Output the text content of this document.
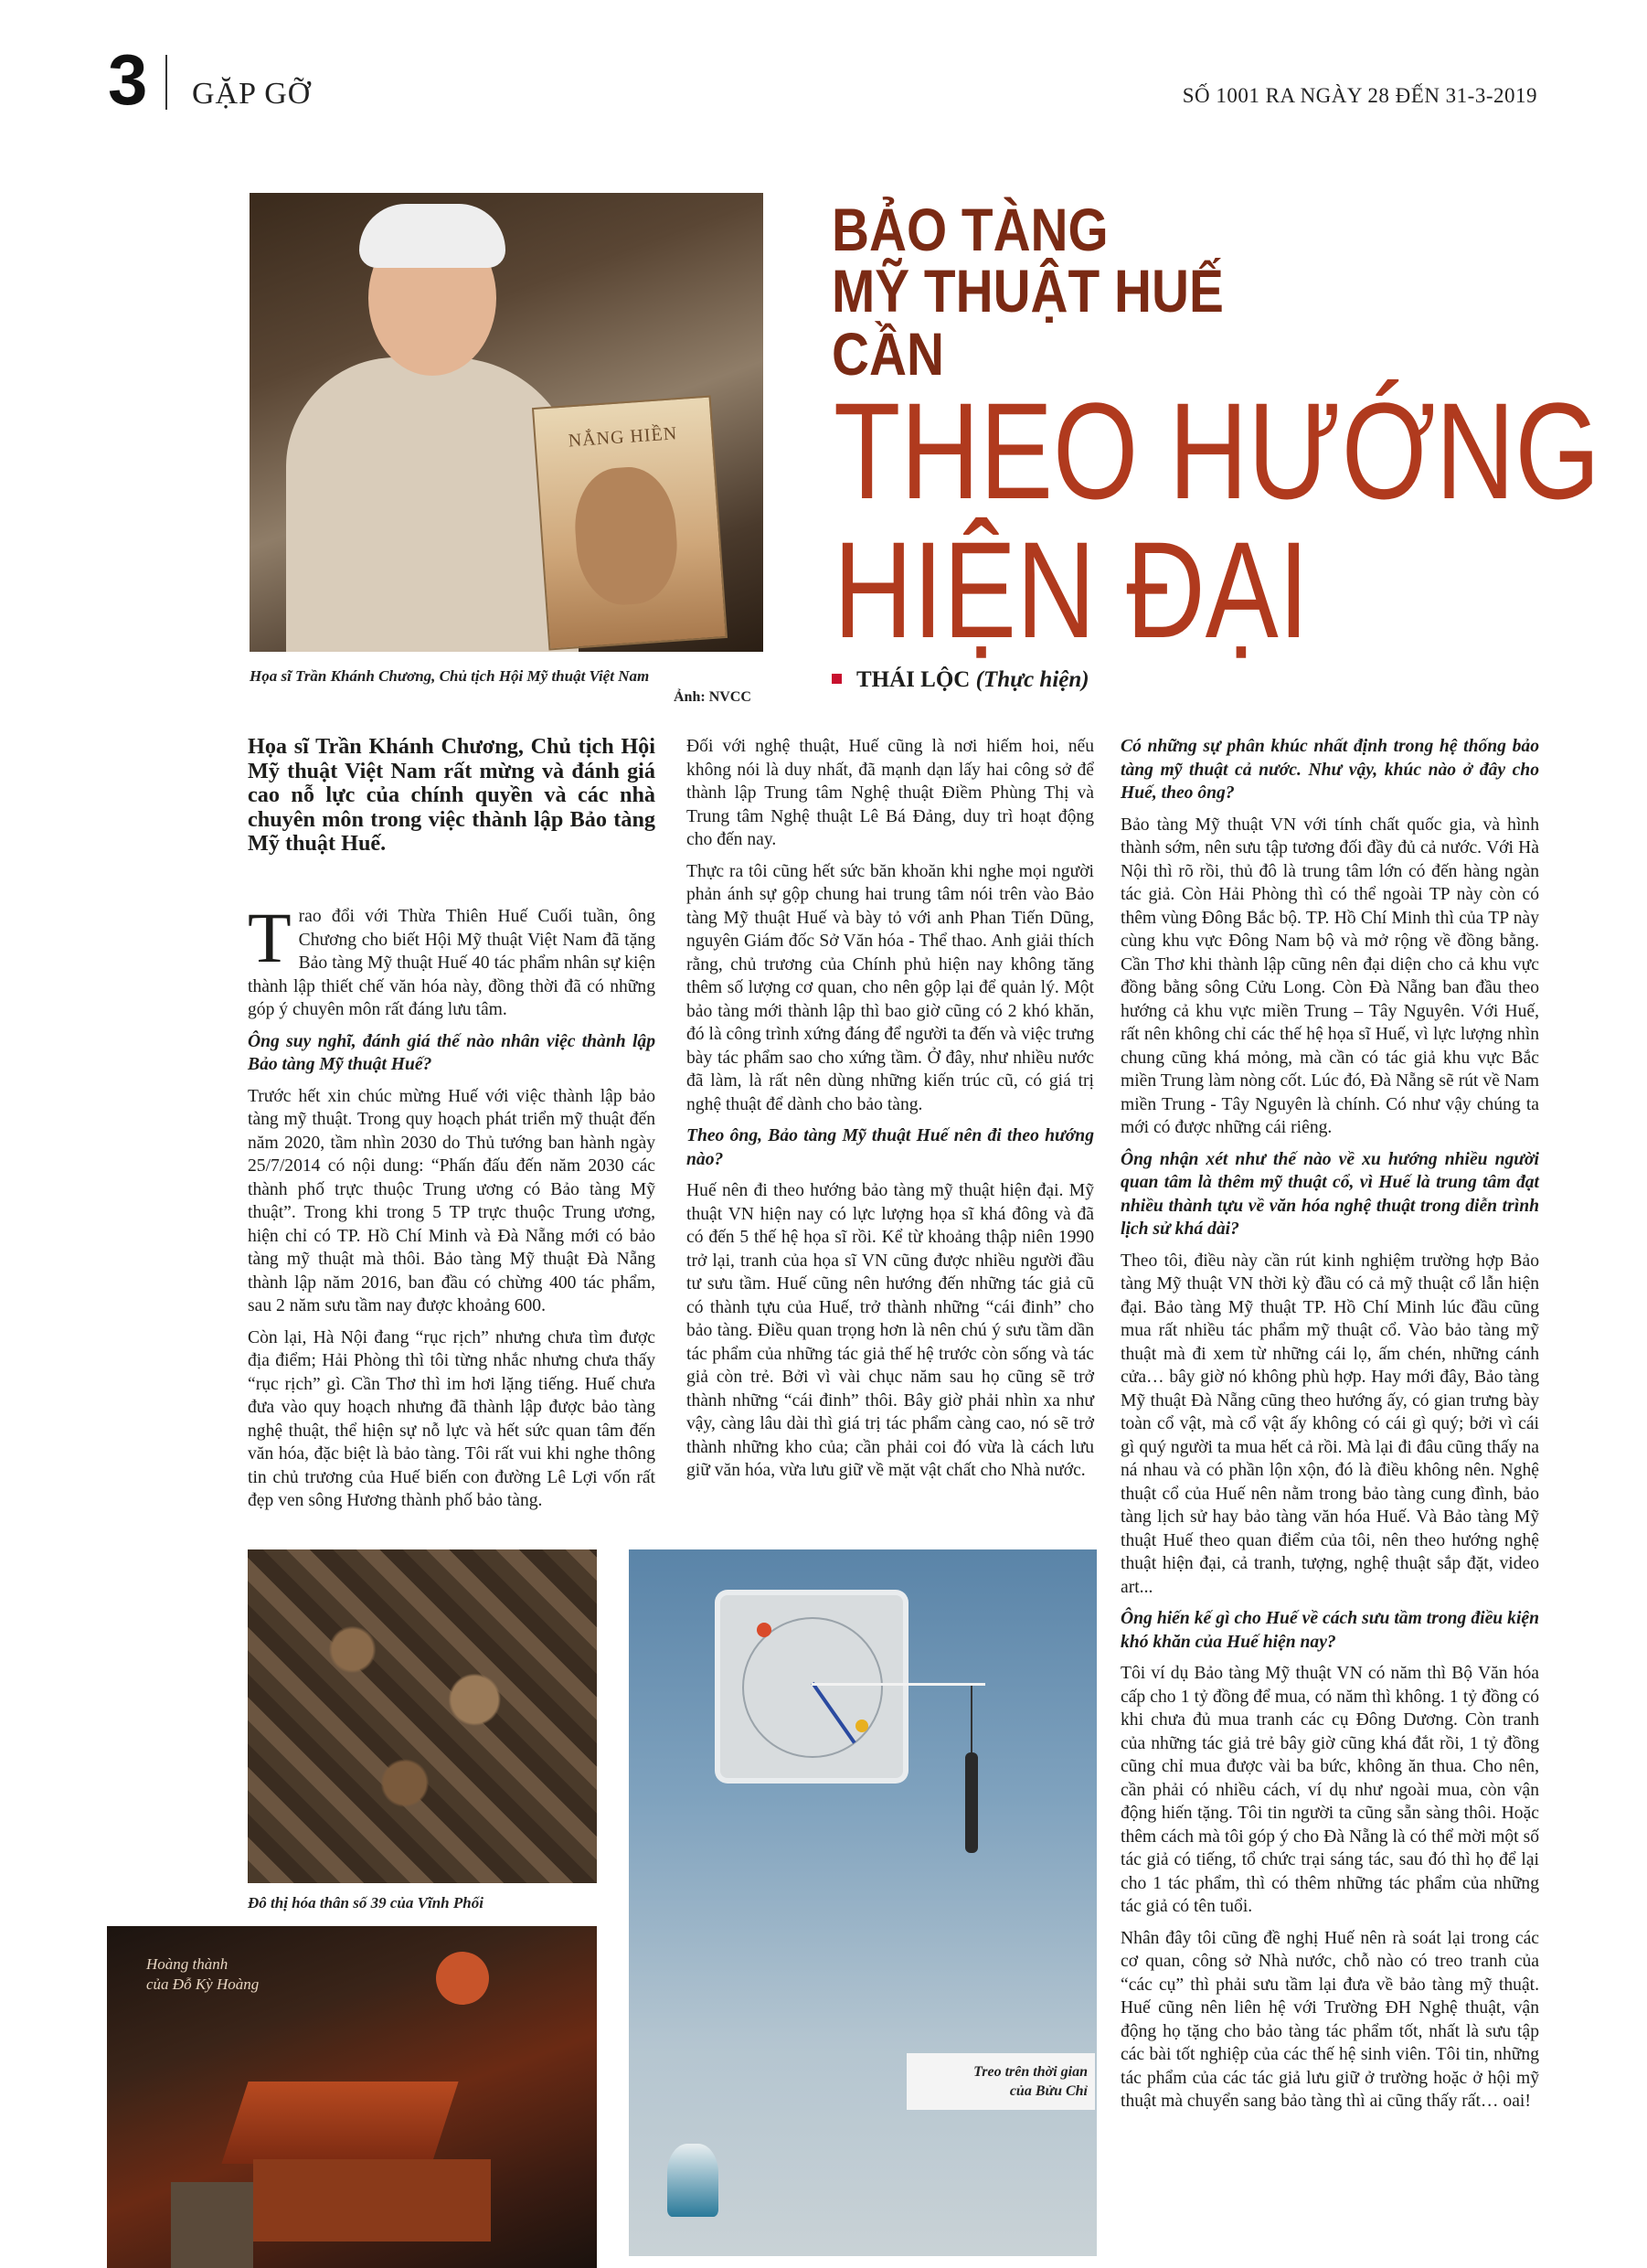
3 GẶP GỠ	SỐ 1001 RA NGÀY 28 ĐẾN 31-3-2019
NẮNG HIỀN
Họa sĩ Trần Khánh Chương, Chủ tịch Hội Mỹ thuật Việt Nam
Ảnh: NVCC
BẢO TÀNG
MỸ THUẬT HUẾ
CẦN
THEO HƯỚNG
HIỆN ĐẠI
THÁI LỘC (Thực hiện)
Họa sĩ Trần Khánh Chương, Chủ tịch Hội Mỹ thuật Việt Nam rất mừng và đánh giá cao nỗ lực của chính quyền và các nhà chuyên môn trong việc thành lập Bảo tàng Mỹ thuật Huế.

Trao đổi với Thừa Thiên Huế Cuối tuần, ông Chương cho biết Hội Mỹ thuật Việt Nam đã tặng Bảo tàng Mỹ thuật Huế 40 tác phẩm nhân sự kiện thành lập thiết chế văn hóa này, đồng thời đã có những góp ý chuyên môn rất đáng lưu tâm.

Ông suy nghĩ, đánh giá thế nào nhân việc thành lập Bảo tàng Mỹ thuật Huế?

Trước hết xin chúc mừng Huế với việc thành lập bảo tàng mỹ thuật. Trong quy hoạch phát triển mỹ thuật đến năm 2020, tầm nhìn 2030 do Thủ tướng ban hành ngày 25/7/2014 có nội dung: “Phấn đấu đến năm 2030 các thành phố trực thuộc Trung ương có Bảo tàng Mỹ thuật”. Trong khi trong 5 TP trực thuộc Trung ương, hiện chỉ có TP. Hồ Chí Minh và Đà Nẵng mới có bảo tàng mỹ thuật mà thôi. Bảo tàng Mỹ thuật Đà Nẵng thành lập năm 2016, ban đầu có chừng 400 tác phẩm, sau 2 năm sưu tầm nay được khoảng 600.

Còn lại, Hà Nội đang “rục rịch” nhưng chưa tìm được địa điểm; Hải Phòng thì tôi từng nhắc nhưng chưa thấy “rục rịch” gì. Cần Thơ thì im hơi lặng tiếng. Huế chưa đưa vào quy hoạch nhưng đã thành lập được bảo tàng nghệ thuật, thể hiện sự nỗ lực và hết sức quan tâm đến văn hóa, đặc biệt là bảo tàng. Tôi rất vui khi nghe thông tin chủ trương của Huế biến con đường Lê Lợi vốn rất đẹp ven sông Hương thành phố bảo tàng.

Đối với nghệ thuật, Huế cũng là nơi hiếm hoi, nếu không nói là duy nhất, đã mạnh dạn lấy hai công sở để thành lập Trung tâm Nghệ thuật Điềm Phùng Thị và Trung tâm Nghệ thuật Lê Bá Đảng, duy trì hoạt động cho đến nay.

Thực ra tôi cũng hết sức băn khoăn khi nghe mọi người phản ánh sự gộp chung hai trung tâm nói trên vào Bảo tàng Mỹ thuật Huế và bày tỏ với anh Phan Tiến Dũng, nguyên Giám đốc Sở Văn hóa - Thể thao. Anh giải thích rằng, chủ trương của Chính phủ hiện nay không tăng thêm số lượng cơ quan, cho nên gộp lại để quản lý. Một bảo tàng mới thành lập thì bao giờ cũng có 2 khó khăn, đó là công trình xứng đáng để người ta đến và việc trưng bày tác phẩm sao cho xứng tầm. Ở đây, như nhiều nước đã làm, là rất nên dùng những kiến trúc cũ, có giá trị nghệ thuật để dành cho bảo tàng.

Theo ông, Bảo tàng Mỹ thuật Huế nên đi theo hướng nào?

Huế nên đi theo hướng bảo tàng mỹ thuật hiện đại. Mỹ thuật VN hiện nay có lực lượng họa sĩ khá đông và đã có đến 5 thế hệ họa sĩ rồi. Kể từ khoảng thập niên 1990 trở lại, tranh của họa sĩ VN cũng được nhiều người đầu tư sưu tầm. Huế cũng nên hướng đến những tác giả cũ có thành tựu của Huế, trở thành những “cái đinh” cho bảo tàng. Điều quan trọng hơn là nên chú ý sưu tầm dần tác phẩm của những tác giả thế hệ trước còn sống và tác giả còn trẻ. Bởi vì vài chục năm sau họ cũng sẽ trở thành những “cái đinh” thôi. Bây giờ phải nhìn xa như vậy, càng lâu dài thì giá trị tác phẩm càng cao, nó sẽ trở thành những kho của; cần phải coi đó vừa là cách lưu giữ văn hóa, vừa lưu giữ về mặt vật chất cho Nhà nước.

Có những sự phân khúc nhất định trong hệ thống bảo tàng mỹ thuật cả nước. Như vậy, khúc nào ở đây cho Huế, theo ông?

Bảo tàng Mỹ thuật VN với tính chất quốc gia, và hình thành sớm, nên sưu tập tương đối đầy đủ cả nước. Với Hà Nội thì rõ rồi, thủ đô là trung tâm lớn có đến hàng ngàn tác giả. Còn Hải Phòng thì có thể ngoài TP này còn có thêm vùng Đông Bắc bộ. TP. Hồ Chí Minh thì của TP này cùng khu vực Đông Nam bộ và mở rộng về đồng bằng. Cần Thơ khi thành lập cũng nên đại diện cho cả khu vực đồng bằng sông Cửu Long. Còn Đà Nẵng ban đầu theo hướng cả khu vực miền Trung – Tây Nguyên. Với Huế, rất nên không chỉ các thế hệ họa sĩ Huế, vì lực lượng nhìn chung cũng khá mỏng, mà cần có tác giả khu vực Bắc miền Trung làm nòng cốt. Lúc đó, Đà Nẵng sẽ rút về Nam miền Trung - Tây Nguyên là chính. Có như vậy chúng ta mới có được những cái riêng.

Ông nhận xét như thế nào về xu hướng nhiều người quan tâm là thêm mỹ thuật cổ, vì Huế là trung tâm đạt nhiều thành tựu về văn hóa nghệ thuật trong diễn trình lịch sử khá dài?

Theo tôi, điều này cần rút kinh nghiệm trường hợp Bảo tàng Mỹ thuật VN thời kỳ đầu có cả mỹ thuật cổ lẫn hiện đại. Bảo tàng Mỹ thuật TP. Hồ Chí Minh lúc đầu cũng mua rất nhiều tác phẩm mỹ thuật cổ. Vào bảo tàng mỹ thuật mà đi xem từ những cái lọ, ấm chén, những cánh cửa… bây giờ nó không phù hợp. Hay mới đây, Bảo tàng Mỹ thuật Đà Nẵng cũng theo hướng ấy, có gian trưng bày toàn cổ vật, mà cổ vật ấy không có cái gì quý; bởi vì cái gì quý người ta mua hết cả rồi. Mà lại đi đâu cũng thấy na ná nhau và có phần lộn xộn, đó là điều không nên. Nghệ thuật cổ của Huế nên nằm trong bảo tàng cung đình, bảo tàng lịch sử hay bảo tàng văn hóa Huế. Và Bảo tàng Mỹ thuật Huế theo quan điểm của tôi, nên theo hướng nghệ thuật hiện đại, cả tranh, tượng, nghệ thuật sắp đặt, video art...

Ông hiến kế gì cho Huế về cách sưu tầm trong điều kiện khó khăn của Huế hiện nay?

Tôi ví dụ Bảo tàng Mỹ thuật VN có năm thì Bộ Văn hóa cấp cho 1 tỷ đồng để mua, có năm thì không. 1 tỷ đồng có khi chưa đủ mua tranh các cụ Đông Dương. Còn tranh của những tác giả trẻ bây giờ cũng khá đắt rồi, 1 tỷ đồng cũng chỉ mua được vài ba bức, không ăn thua. Cho nên, cần phải có nhiều cách, ví dụ như ngoài mua, còn vận động hiến tặng. Tôi tin người ta cũng sẵn sàng thôi. Hoặc thêm cách mà tôi góp ý cho Đà Nẵng là có thể mời một số tác giả có tiếng, tổ chức trại sáng tác, sau đó thì họ để lại cho 1 tác phẩm, thì có thêm những tác phẩm của những tác giả có tên tuổi.

Nhân đây tôi cũng đề nghị Huế nên rà soát lại trong các cơ quan, công sở Nhà nước, chỗ nào có treo tranh của “các cụ” thì phải sưu tầm lại đưa về bảo tàng mỹ thuật. Huế cũng nên liên hệ với Trường ĐH Nghệ thuật, vận động họ tặng cho bảo tàng tác phẩm tốt, nhất là sưu tập các bài tốt nghiệp của các thế hệ sinh viên. Tôi tin, những tác phẩm của các tác giả lưu giữ ở trường hoặc ở hội mỹ thuật mà chuyển sang bảo tàng thì ai cũng thấy rất… oai!

Đô thị hóa thân số 39 của Vĩnh Phối
Treo trên thời gian
của Bửu Chỉ
Hoàng thành
của Đỗ Kỳ Hoàng
